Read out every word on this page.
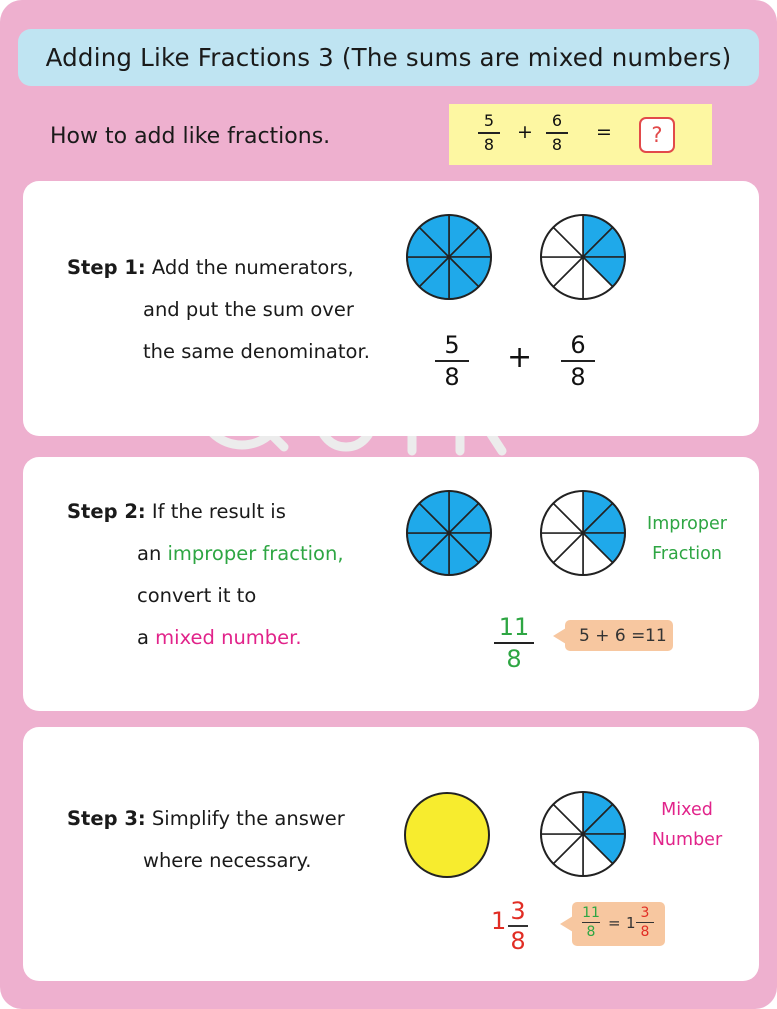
Adding Like Fractions 3 (The sums are mixed numbers)
How to add like fractions.
5
8
+
6
8
= ?
Step 1: Add the numerators,
and put the sum over
the same denominator.	5
8
+ 6
8
Step 2: If the result is
an improper fraction,
convert it to
a mixed number.
Improper
Fraction
11
8
5 + 6 = 11
Step 3: Simplify the answer
where necessary.
Mixed
Number
1 3
8
11
8
= 1
3
8
